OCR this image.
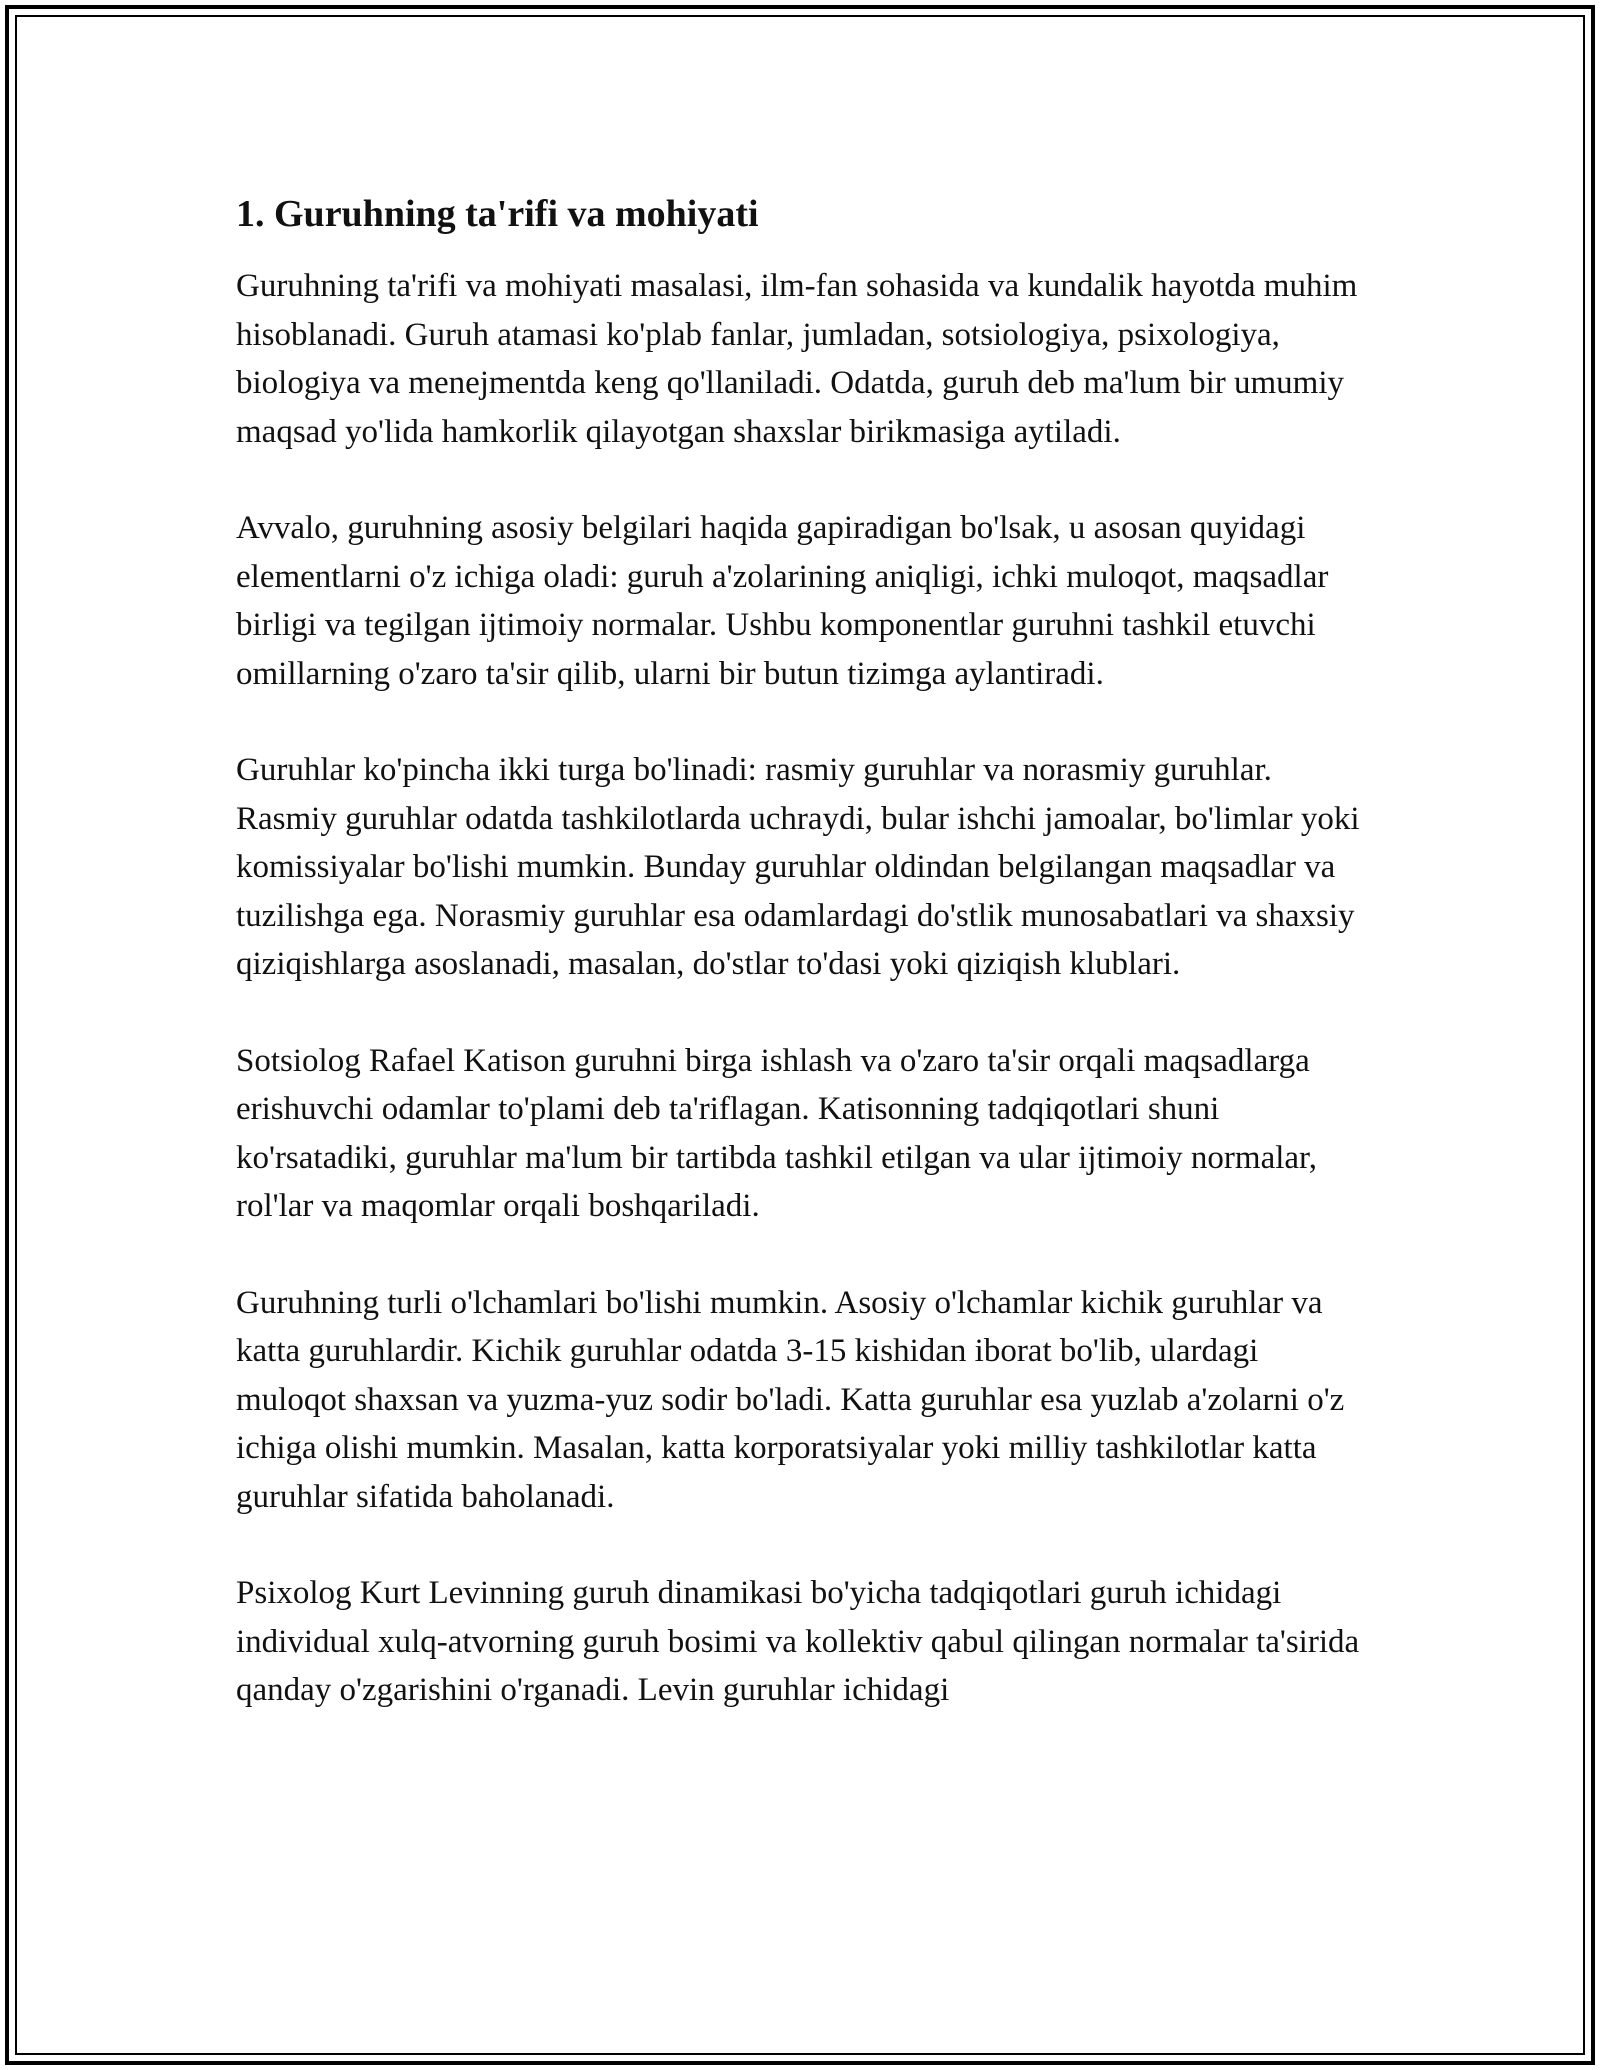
1. Guruhning ta'rifi va mohiyati

Guruhning ta'rifi va mohiyati masalasi, ilm-fan sohasida va kundalik hayotda muhim hisoblanadi. Guruh atamasi ko'plab fanlar, jumladan, sotsiologiya, psixologiya, biologiya va menejmentda keng qo'llaniladi. Odatda, guruh deb ma'lum bir umumiy maqsad yo'lida hamkorlik qilayotgan shaxslar birikmasiga aytiladi.

Avvalo, guruhning asosiy belgilari haqida gapiradigan bo'lsak, u asosan quyidagi elementlarni o'z ichiga oladi: guruh a'zolarining aniqligi, ichki muloqot, maqsadlar birligi va tegilgan ijtimoiy normalar. Ushbu komponentlar guruhni tashkil etuvchi omillarning o'zaro ta'sir qilib, ularni bir butun tizimga aylantiradi.

Guruhlar ko'pincha ikki turga bo'linadi: rasmiy guruhlar va norasmiy guruhlar. Rasmiy guruhlar odatda tashkilotlarda uchraydi, bular ishchi jamoalar, bo'limlar yoki komissiyalar bo'lishi mumkin. Bunday guruhlar oldindan belgilangan maqsadlar va tuzilishga ega. Norasmiy guruhlar esa odamlardagi do'stlik munosabatlari va shaxsiy qiziqishlarga asoslanadi, masalan, do'stlar to'dasi yoki qiziqish klublari.

Sotsiolog Rafael Katison guruhni birga ishlash va o'zaro ta'sir orqali maqsadlarga erishuvchi odamlar to'plami deb ta'riflagan. Katisonning tadqiqotlari shuni ko'rsatadiki, guruhlar ma'lum bir tartibda tashkil etilgan va ular ijtimoiy normalar, rol'lar va maqomlar orqali boshqariladi.

Guruhning turli o'lchamlari bo'lishi mumkin. Asosiy o'lchamlar kichik guruhlar va katta guruhlardir. Kichik guruhlar odatda 3-15 kishidan iborat bo'lib, ulardagi muloqot shaxsan va yuzma-yuz sodir bo'ladi. Katta guruhlar esa yuzlab a'zolarni o'z ichiga olishi mumkin. Masalan, katta korporatsiyalar yoki milliy tashkilotlar katta guruhlar sifatida baholanadi.

Psixolog Kurt Levinning guruh dinamikasi bo'yicha tadqiqotlari guruh ichidagi individual xulq-atvorning guruh bosimi va kollektiv qabul qilingan normalar ta'sirida qanday o'zgarishini o'rganadi. Levin guruhlar ichidagi
